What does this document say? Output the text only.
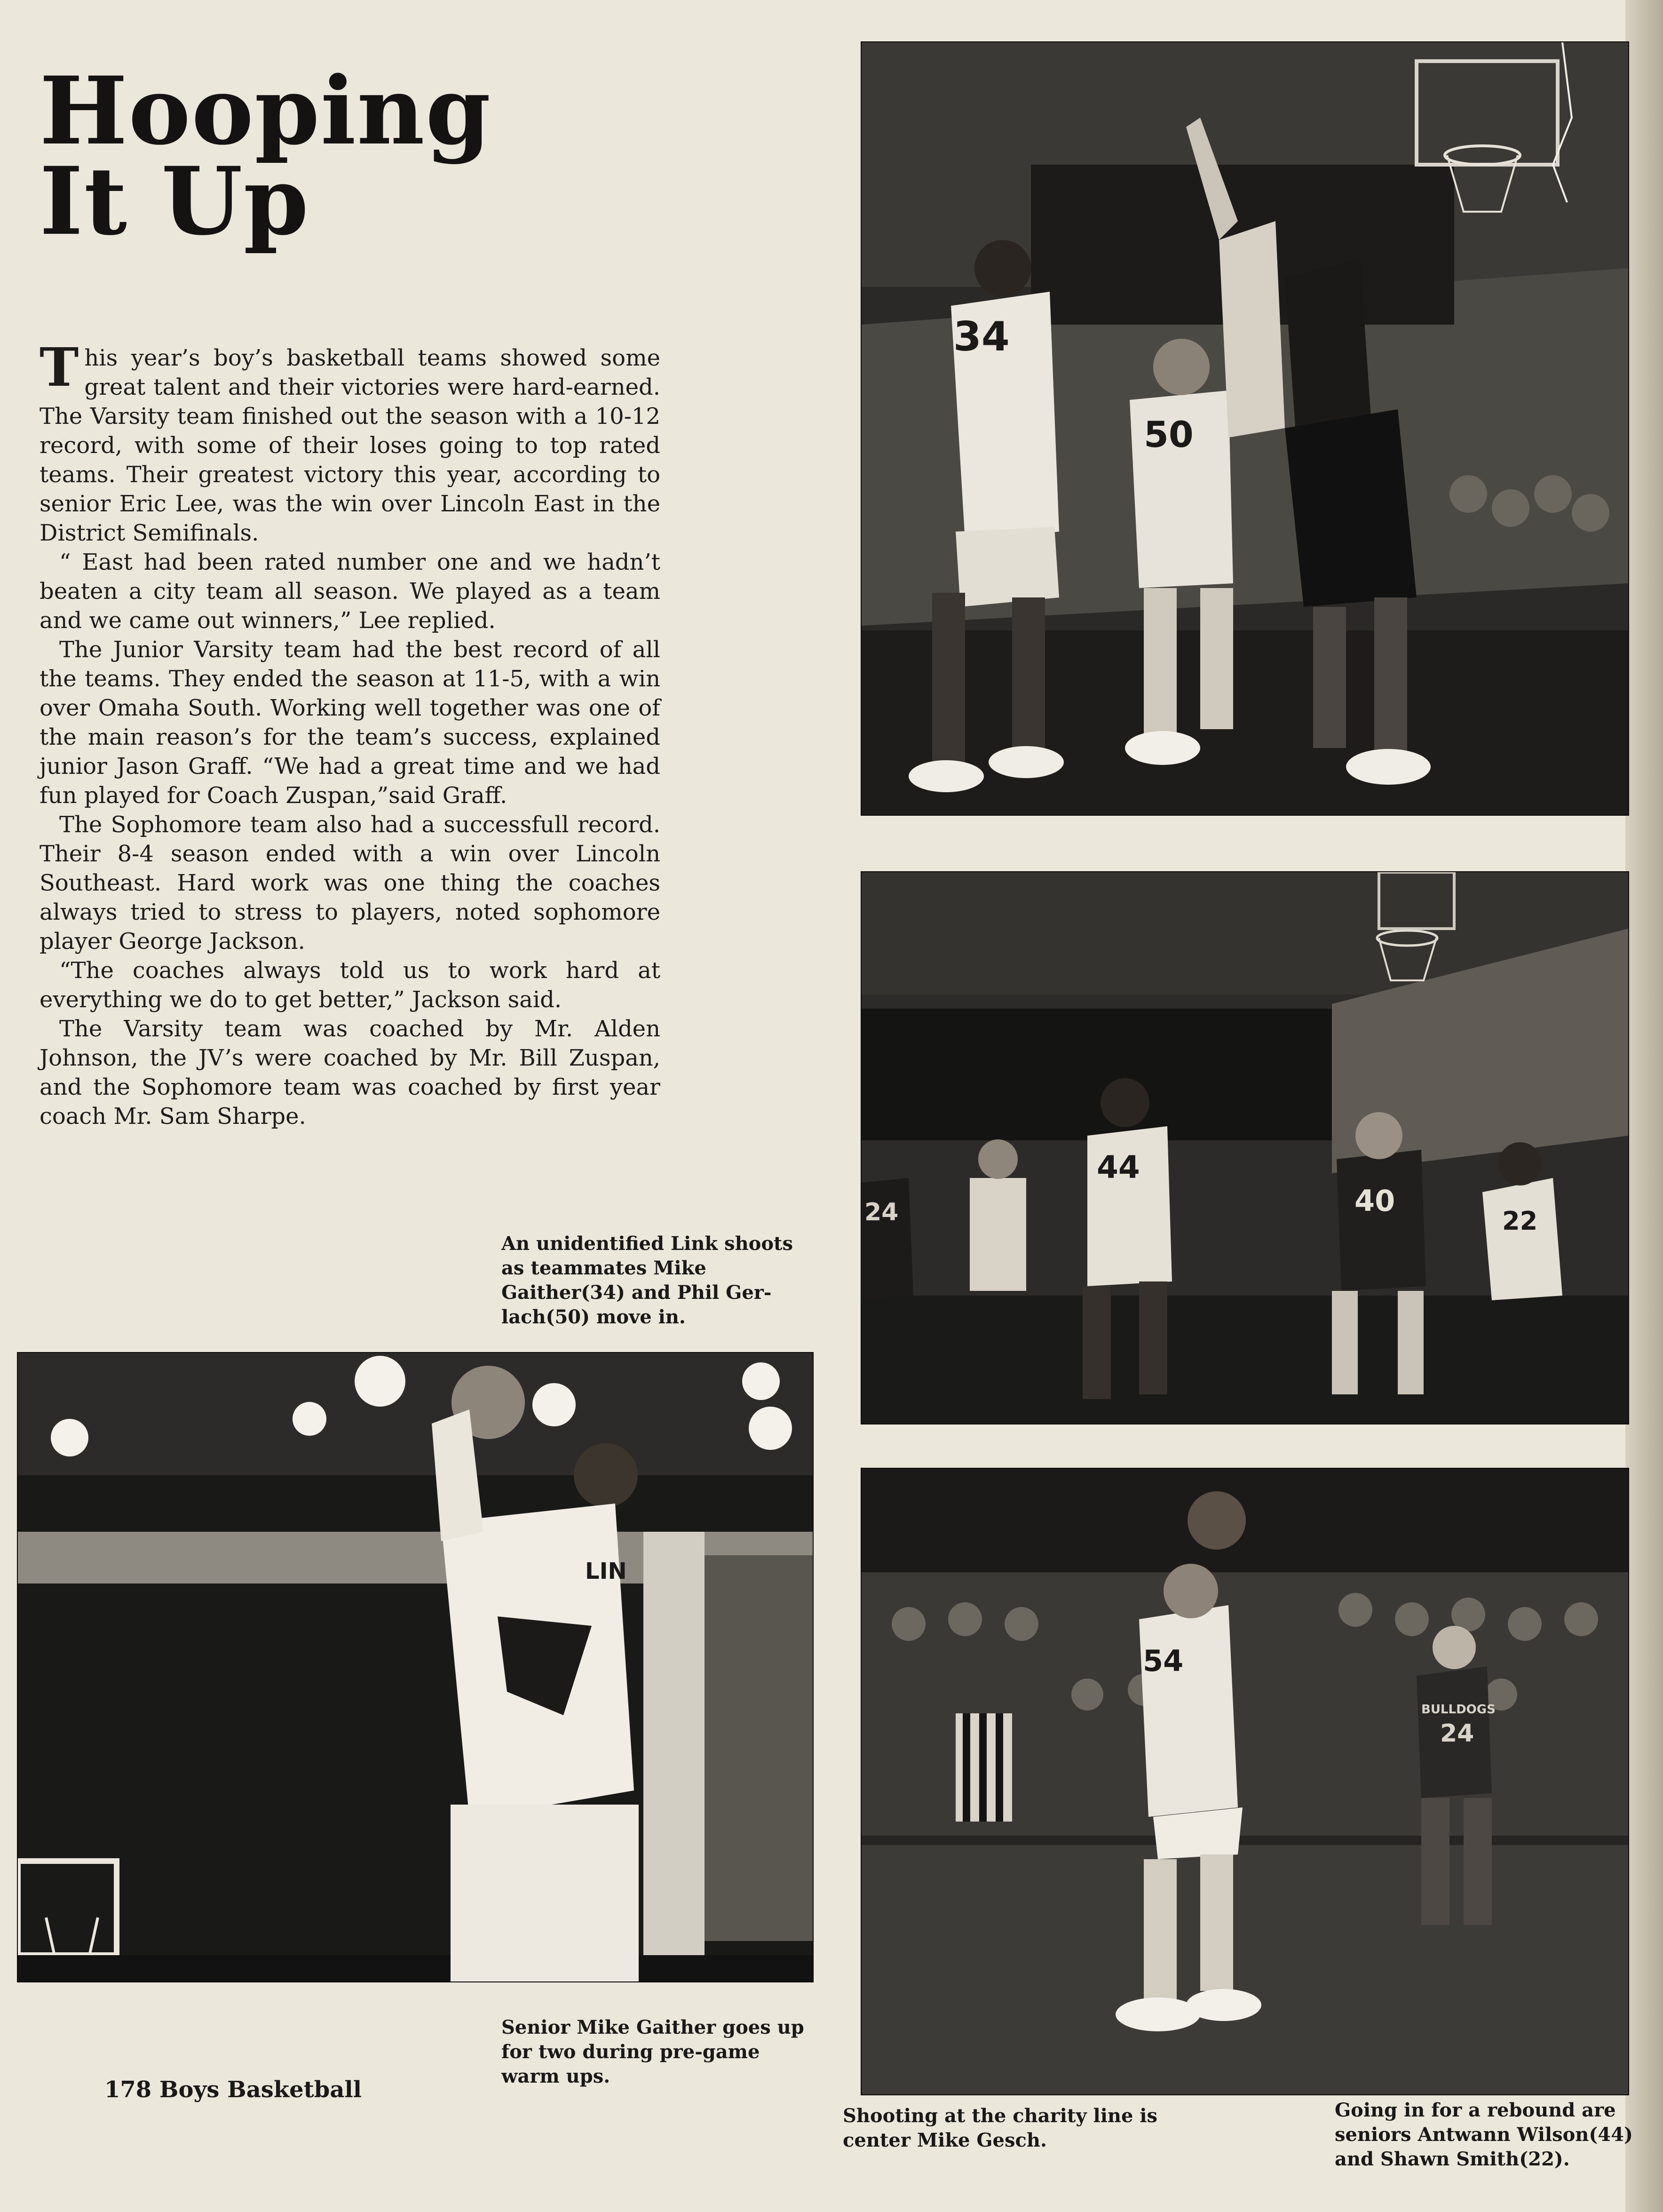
Hooping
It Up

This year’s boy’s basketball teams showed some great talent and their victories were hard-earned. The Varsity team finished out the season with a 10-12 record, with some of their loses going to top rated teams. Their greatest victory this year, according to senior Eric Lee, was the win over Lincoln East in the District Semifinals.

“ East had been rated number one and we hadn’t beaten a city team all season. We played as a team and we came out winners,” Lee replied.

The Junior Varsity team had the best record of all the teams. They ended the season at 11-5, with a win over Omaha South. Working well together was one of the main reason’s for the team’s success, explained junior Jason Graff. “We had a great time and we had fun played for Coach Zuspan,”said Graff.

The Sophomore team also had a successfull record. Their 8-4 season ended with a win over Lincoln Southeast. Hard work was one thing the coaches always tried to stress to players, noted sophomore player George Jackson.

“The coaches always told us to work hard at everything we do to get better,” Jackson said.

The Varsity team was coached by Mr. Alden Johnson, the JV’s were coached by Mr. Bill Zuspan, and the Sophomore team was coached by first year coach Mr. Sam Sharpe.

34
50
44
40
22
24
54
BULLDOGS
24
LIN

An unidentified Link shoots
as teammates Mike
Gaither(34) and Phil Ger-
lach(50) move in.

Senior Mike Gaither goes up
for two during pre-game
warm ups.

Shooting at the charity line is
center Mike Gesch.

Going in for a rebound are
seniors Antwann Wilson(44)
and Shawn Smith(22).

178 Boys Basketball
